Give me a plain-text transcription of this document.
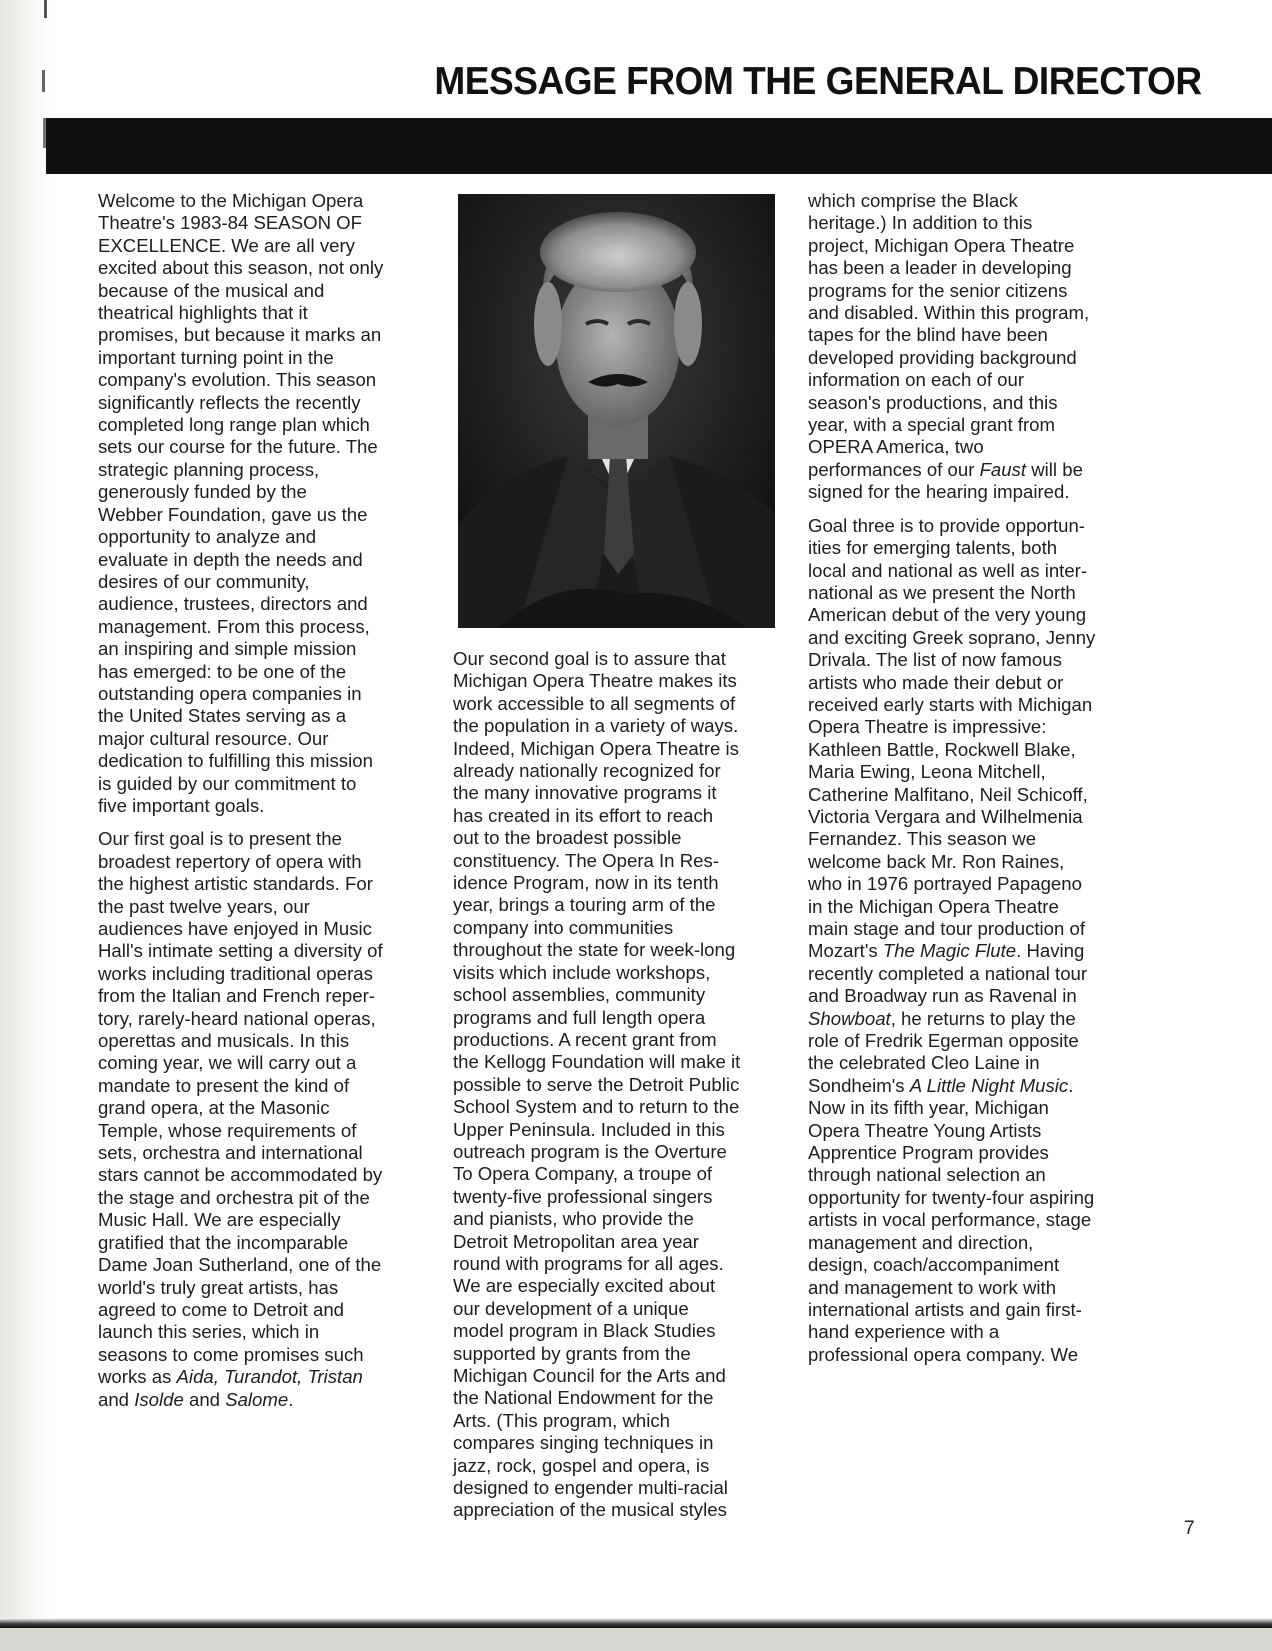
MESSAGE FROM THE GENERAL DIRECTOR

Welcome to the Michigan Opera
Theatre's 1983-84 SEASON OF
EXCELLENCE. We are all very
excited about this season, not only
because of the musical and
theatrical highlights that it
promises, but because it marks an
important turning point in the
company's evolution. This season
significantly reflects the recently
completed long range plan which
sets our course for the future. The
strategic planning process,
generously funded by the
Webber Foundation, gave us the
opportunity to analyze and
evaluate in depth the needs and
desires of our community,
audience, trustees, directors and
management. From this process,
an inspiring and simple mission
has emerged: to be one of the
outstanding opera companies in
the United States serving as a
major cultural resource. Our
dedication to fulfilling this mission
is guided by our commitment to
five important goals.

Our first goal is to present the
broadest repertory of opera with
the highest artistic standards. For
the past twelve years, our
audiences have enjoyed in Music
Hall's intimate setting a diversity of
works including traditional operas
from the Italian and French reper-
tory, rarely-heard national operas,
operettas and musicals. In this
coming year, we will carry out a
mandate to present the kind of
grand opera, at the Masonic
Temple, whose requirements of
sets, orchestra and international
stars cannot be accommodated by
the stage and orchestra pit of the
Music Hall. We are especially
gratified that the incomparable
Dame Joan Sutherland, one of the
world's truly great artists, has
agreed to come to Detroit and
launch this series, which in
seasons to come promises such
works as Aida, Turandot, Tristan
and Isolde and Salome.

Our second goal is to assure that
Michigan Opera Theatre makes its
work accessible to all segments of
the population in a variety of ways.
Indeed, Michigan Opera Theatre is
already nationally recognized for
the many innovative programs it
has created in its effort to reach
out to the broadest possible
constituency. The Opera In Res-
idence Program, now in its tenth
year, brings a touring arm of the
company into communities
throughout the state for week-long
visits which include workshops,
school assemblies, community
programs and full length opera
productions. A recent grant from
the Kellogg Foundation will make it
possible to serve the Detroit Public
School System and to return to the
Upper Peninsula. Included in this
outreach program is the Overture
To Opera Company, a troupe of
twenty-five professional singers
and pianists, who provide the
Detroit Metropolitan area year
round with programs for all ages.
We are especially excited about
our development of a unique
model program in Black Studies
supported by grants from the
Michigan Council for the Arts and
the National Endowment for the
Arts. (This program, which
compares singing techniques in
jazz, rock, gospel and opera, is
designed to engender multi-racial
appreciation of the musical styles

which comprise the Black
heritage.) In addition to this
project, Michigan Opera Theatre
has been a leader in developing
programs for the senior citizens
and disabled. Within this program,
tapes for the blind have been
developed providing background
information on each of our
season's productions, and this
year, with a special grant from
OPERA America, two
performances of our Faust will be
signed for the hearing impaired.

Goal three is to provide opportun-
ities for emerging talents, both
local and national as well as inter-
national as we present the North
American debut of the very young
and exciting Greek soprano, Jenny
Drivala. The list of now famous
artists who made their debut or
received early starts with Michigan
Opera Theatre is impressive:
Kathleen Battle, Rockwell Blake,
Maria Ewing, Leona Mitchell,
Catherine Malfitano, Neil Schicoff,
Victoria Vergara and Wilhelmenia
Fernandez. This season we
welcome back Mr. Ron Raines,
who in 1976 portrayed Papageno
in the Michigan Opera Theatre
main stage and tour production of
Mozart's The Magic Flute. Having
recently completed a national tour
and Broadway run as Ravenal in
Showboat, he returns to play the
role of Fredrik Egerman opposite
the celebrated Cleo Laine in
Sondheim's A Little Night Music.
Now in its fifth year, Michigan
Opera Theatre Young Artists
Apprentice Program provides
through national selection an
opportunity for twenty-four aspiring
artists in vocal performance, stage
management and direction,
design, coach/accompaniment
and management to work with
international artists and gain first-
hand experience with a
professional opera company. We

7
